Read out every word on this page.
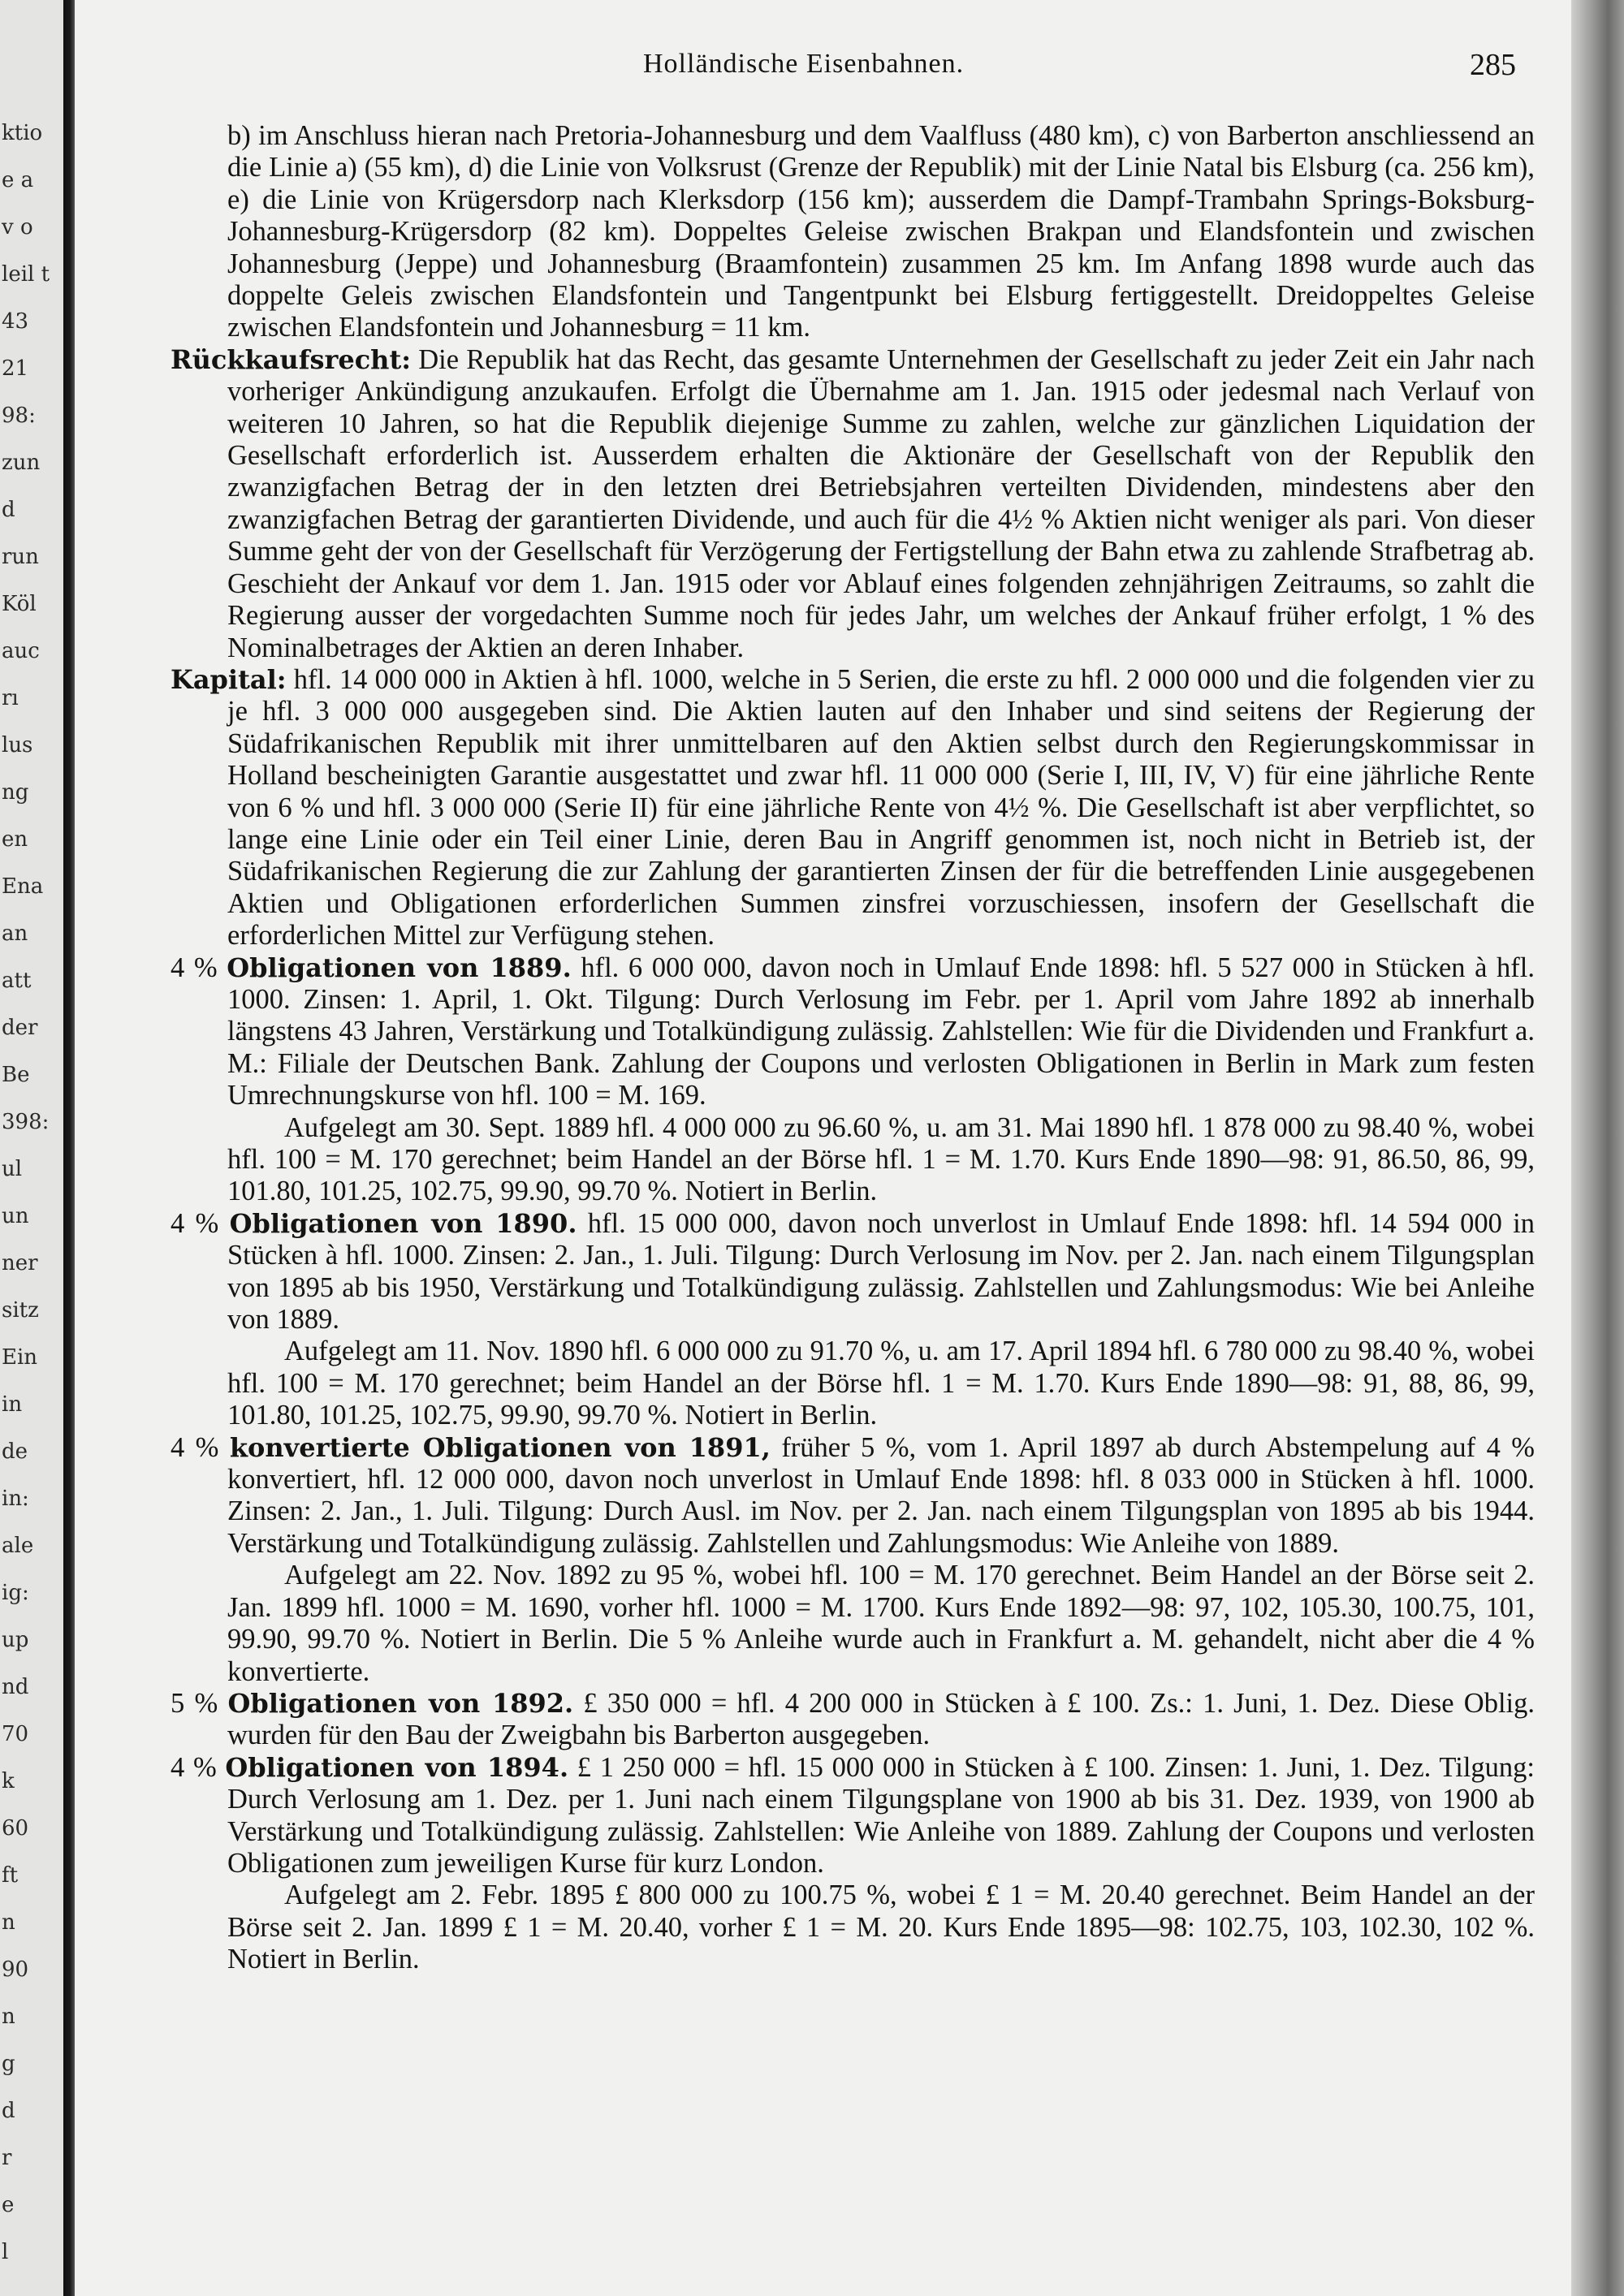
ktio
e a
v o
leil t
43
21
98:
zun
d
run
Köl
auc
rı
lus
ng
en
Ena
an
att
der
Be
398:
ul
un
ner
sitz
Ein
in
de
in:
ale
ig:
up
nd
70
k
60
ft
n
90
n
g
d
r
e
l
Holländische Eisenbahnen.	285

b) im Anschluss hieran nach Pretoria-Johannesburg und dem Vaalfluss (480 km), c) von Barberton anschliessend an die Linie a) (55 km), d) die Linie von Volksrust (Grenze der Republik) mit der Linie Natal bis Elsburg (ca. 256 km), e) die Linie von Krügersdorp nach Klerksdorp (156 km); ausserdem die Dampf-Trambahn Springs-Boksburg-Johannesburg-Krügersdorp (82 km). Doppeltes Geleise zwischen Brakpan und Elandsfontein und zwischen Johannesburg (Jeppe) und Johannesburg (Braamfontein) zusammen 25 km. Im Anfang 1898 wurde auch das doppelte Geleis zwischen Elandsfontein und Tangentpunkt bei Elsburg fertiggestellt. Dreidoppeltes Geleise zwischen Elandsfontein und Johannesburg = 11 km.

Rückkaufsrecht: Die Republik hat das Recht, das gesamte Unternehmen der Gesellschaft zu jeder Zeit ein Jahr nach vorheriger Ankündigung anzukaufen. Erfolgt die Übernahme am 1. Jan. 1915 oder jedesmal nach Verlauf von weiteren 10 Jahren, so hat die Republik diejenige Summe zu zahlen, welche zur gänzlichen Liquidation der Gesellschaft erforderlich ist. Ausserdem erhalten die Aktionäre der Gesellschaft von der Republik den zwanzigfachen Betrag der in den letzten drei Betriebsjahren verteilten Dividenden, mindestens aber den zwanzigfachen Betrag der garantierten Dividende, und auch für die 4½ % Aktien nicht weniger als pari. Von dieser Summe geht der von der Gesellschaft für Verzögerung der Fertigstellung der Bahn etwa zu zahlende Strafbetrag ab. Geschieht der Ankauf vor dem 1. Jan. 1915 oder vor Ablauf eines folgenden zehnjährigen Zeitraums, so zahlt die Regierung ausser der vorgedachten Summe noch für jedes Jahr, um welches der Ankauf früher erfolgt, 1 % des Nominalbetrages der Aktien an deren Inhaber.

Kapital: hfl. 14 000 000 in Aktien à hfl. 1000, welche in 5 Serien, die erste zu hfl. 2 000 000 und die folgenden vier zu je hfl. 3 000 000 ausgegeben sind. Die Aktien lauten auf den Inhaber und sind seitens der Regierung der Südafrikanischen Republik mit ihrer unmittelbaren auf den Aktien selbst durch den Regierungskommissar in Holland bescheinigten Garantie ausgestattet und zwar hfl. 11 000 000 (Serie I, III, IV, V) für eine jährliche Rente von 6 % und hfl. 3 000 000 (Serie II) für eine jährliche Rente von 4½ %. Die Gesellschaft ist aber verpflichtet, so lange eine Linie oder ein Teil einer Linie, deren Bau in Angriff genommen ist, noch nicht in Betrieb ist, der Südafrikanischen Regierung die zur Zahlung der garantierten Zinsen der für die betreffenden Linie ausgegebenen Aktien und Obligationen erforderlichen Summen zinsfrei vorzuschiessen, insofern der Gesellschaft die erforderlichen Mittel zur Verfügung stehen.

4 % Obligationen von 1889. hfl. 6 000 000, davon noch in Umlauf Ende 1898: hfl. 5 527 000 in Stücken à hfl. 1000. Zinsen: 1. April, 1. Okt. Tilgung: Durch Verlosung im Febr. per 1. April vom Jahre 1892 ab innerhalb längstens 43 Jahren, Verstärkung und Totalkündigung zulässig. Zahlstellen: Wie für die Dividenden und Frankfurt a. M.: Filiale der Deutschen Bank. Zahlung der Coupons und verlosten Obligationen in Berlin in Mark zum festen Umrechnungskurse von hfl. 100 = M. 169.

Aufgelegt am 30. Sept. 1889 hfl. 4 000 000 zu 96.60 %, u. am 31. Mai 1890 hfl. 1 878 000 zu 98.40 %, wobei hfl. 100 = M. 170 gerechnet; beim Handel an der Börse hfl. 1 = M. 1.70. Kurs Ende 1890—98: 91, 86.50, 86, 99, 101.80, 101.25, 102.75, 99.90, 99.70 %. Notiert in Berlin.

4 % Obligationen von 1890. hfl. 15 000 000, davon noch unverlost in Umlauf Ende 1898: hfl. 14 594 000 in Stücken à hfl. 1000. Zinsen: 2. Jan., 1. Juli. Tilgung: Durch Verlosung im Nov. per 2. Jan. nach einem Tilgungsplan von 1895 ab bis 1950, Verstärkung und Totalkündigung zulässig. Zahlstellen und Zahlungsmodus: Wie bei Anleihe von 1889.

Aufgelegt am 11. Nov. 1890 hfl. 6 000 000 zu 91.70 %, u. am 17. April 1894 hfl. 6 780 000 zu 98.40 %, wobei hfl. 100 = M. 170 gerechnet; beim Handel an der Börse hfl. 1 = M. 1.70. Kurs Ende 1890—98: 91, 88, 86, 99, 101.80, 101.25, 102.75, 99.90, 99.70 %. Notiert in Berlin.

4 % konvertierte Obligationen von 1891, früher 5 %, vom 1. April 1897 ab durch Abstempelung auf 4 % konvertiert, hfl. 12 000 000, davon noch unverlost in Umlauf Ende 1898: hfl. 8 033 000 in Stücken à hfl. 1000. Zinsen: 2. Jan., 1. Juli. Tilgung: Durch Ausl. im Nov. per 2. Jan. nach einem Tilgungsplan von 1895 ab bis 1944. Verstärkung und Totalkündigung zulässig. Zahlstellen und Zahlungsmodus: Wie Anleihe von 1889.

Aufgelegt am 22. Nov. 1892 zu 95 %, wobei hfl. 100 = M. 170 gerechnet. Beim Handel an der Börse seit 2. Jan. 1899 hfl. 1000 = M. 1690, vorher hfl. 1000 = M. 1700. Kurs Ende 1892—98: 97, 102, 105.30, 100.75, 101, 99.90, 99.70 %. Notiert in Berlin. Die 5 % Anleihe wurde auch in Frankfurt a. M. gehandelt, nicht aber die 4 % konvertierte.

5 % Obligationen von 1892. £ 350 000 = hfl. 4 200 000 in Stücken à £ 100. Zs.: 1. Juni, 1. Dez. Diese Oblig. wurden für den Bau der Zweigbahn bis Barberton ausgegeben.

4 % Obligationen von 1894. £ 1 250 000 = hfl. 15 000 000 in Stücken à £ 100. Zinsen: 1. Juni, 1. Dez. Tilgung: Durch Verlosung am 1. Dez. per 1. Juni nach einem Tilgungsplane von 1900 ab bis 31. Dez. 1939, von 1900 ab Verstärkung und Totalkündigung zulässig. Zahlstellen: Wie Anleihe von 1889. Zahlung der Coupons und verlosten Obligationen zum jeweiligen Kurse für kurz London.

Aufgelegt am 2. Febr. 1895 £ 800 000 zu 100.75 %, wobei £ 1 = M. 20.40 gerechnet. Beim Handel an der Börse seit 2. Jan. 1899 £ 1 = M. 20.40, vorher £ 1 = M. 20. Kurs Ende 1895—98: 102.75, 103, 102.30, 102 %. Notiert in Berlin.
